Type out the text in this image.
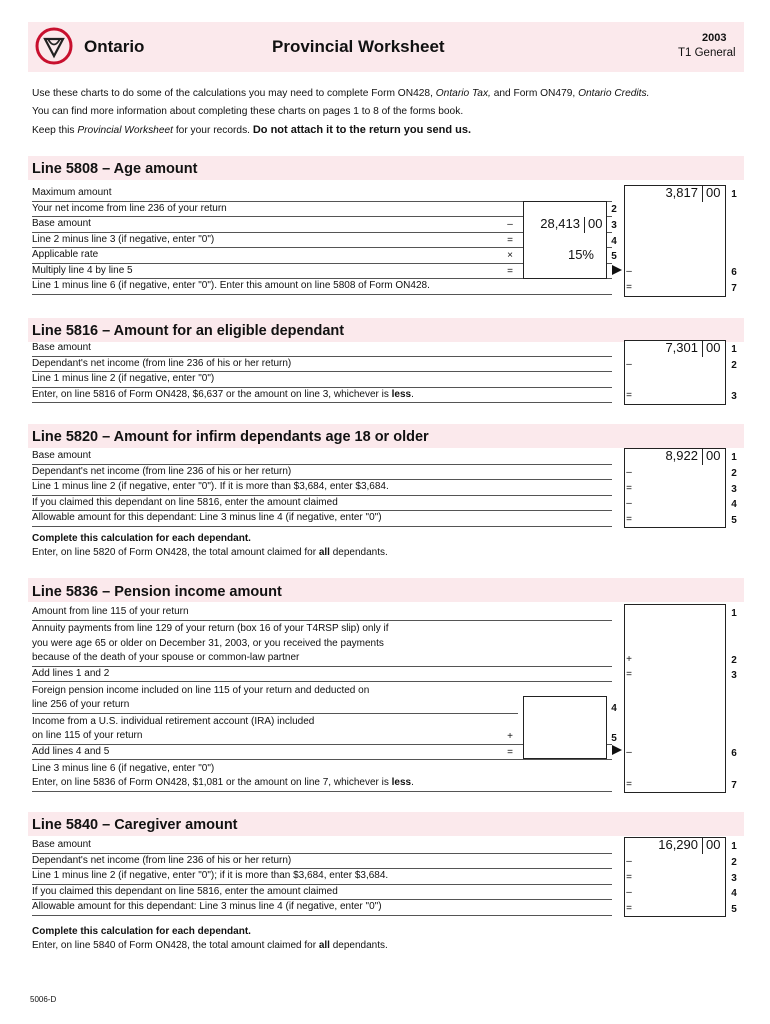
Ontario	Provincial Worksheet	2003
T1 General
Use these charts to do some of the calculations you may need to complete Form ON428, Ontario Tax, and Form ON479, Ontario Credits.
You can find more information about completing these charts on pages 1 to 8 of the forms book.
Keep this Provincial Worksheet for your records. Do not attach it to the return you send us.
Line 5808 – Age amount
Maximum amount
Your net income from line 236 of your return
Base amount
Line 2 minus line 3 (if negative, enter "0")
Applicable rate
Multiply line 4 by line 5
Line 1 minus line 6 (if negative, enter "0"). Enter this amount on line 5808 of Form ON428.
–
=
×
=
28,413 00
15%
2
3
4
5
3,817 00
–
=
1
6
7
Line 5816 – Amount for an eligible dependant
Base amount
Dependant's net income (from line 236 of his or her return)
Line 1 minus line 2 (if negative, enter "0")
Enter, on line 5816 of Form ON428, $6,637 or the amount on line 3, whichever is less.
7,301 00
–
=
1
2
3
Line 5820 – Amount for infirm dependants age 18 or older
Base amount
Dependant's net income (from line 236 of his or her return)
Line 1 minus line 2 (if negative, enter "0"). If it is more than $3,684, enter $3,684.
If you claimed this dependant on line 5816, enter the amount claimed
Allowable amount for this dependant: Line 3 minus line 4 (if negative, enter "0")
8,922 00
–
=
–
=
1
2
3
4
5
Complete this calculation for each dependant.
Enter, on line 5820 of Form ON428, the total amount claimed for all dependants.
Line 5836 – Pension income amount
Amount from line 115 of your return
Annuity payments from line 129 of your return (box 16 of your T4RSP slip) only if
you were age 65 or older on December 31, 2003, or you received the payments
because of the death of your spouse or common-law partner
Add lines 1 and 2
Foreign pension income included on line 115 of your return and deducted on
line 256 of your return
Income from a U.S. individual retirement account (IRA) included
on line 115 of your return
Add lines 4 and 5
Line 3 minus line 6 (if negative, enter "0")
Enter, on line 5836 of Form ON428, $1,081 or the amount on line 7, whichever is less.
+
=
4
5
+
=
–
=
1
2
3
6
7
Line 5840 – Caregiver amount
Base amount
Dependant's net income (from line 236 of his or her return)
Line 1 minus line 2 (if negative, enter "0"); if it is more than $3,684, enter $3,684.
If you claimed this dependant on line 5816, enter the amount claimed
Allowable amount for this dependant: Line 3 minus line 4 (if negative, enter "0")
16,290 00
–
=
–
=
1
2
3
4
5
Complete this calculation for each dependant.
Enter, on line 5840 of Form ON428, the total amount claimed for all dependants.
5006-D
